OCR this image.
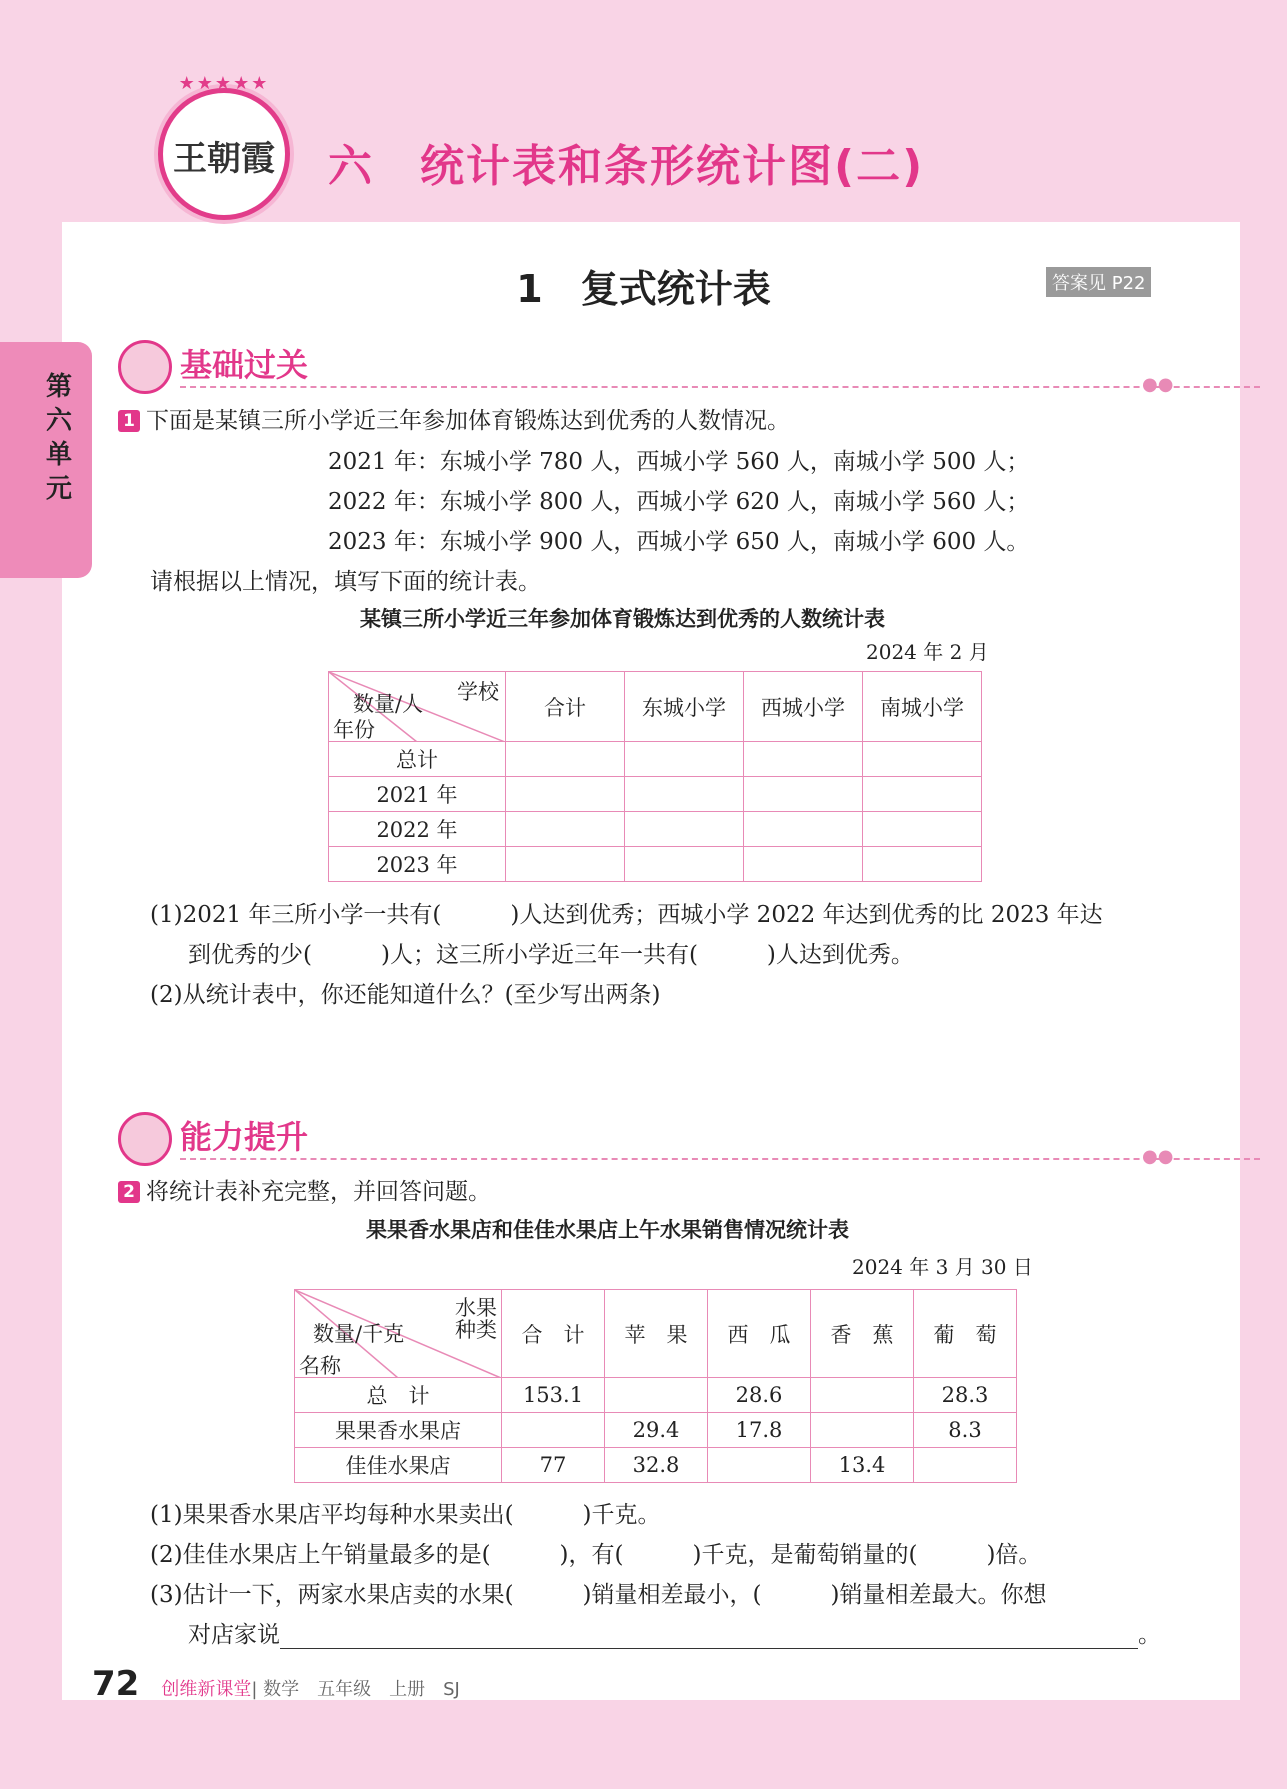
★★★★★
王朝霞 六　统计表和条形统计图(二)
1　复式统计表	答案见 P22
第六单元
基础过关
●●
1 下面是某镇三所小学近三年参加体育锻炼达到优秀的人数情况。
2021 年：东城小学 780 人，西城小学 560 人，南城小学 500 人；
2022 年：东城小学 800 人，西城小学 620 人，南城小学 560 人；
2023 年：东城小学 900 人，西城小学 650 人，南城小学 600 人。
请根据以上情况，填写下面的统计表。
某镇三所小学近三年参加体育锻炼达到优秀的人数统计表
2024 年 2 月
学校
数量/人
年份	合计	东城小学	西城小学	南城小学
总计				
2021 年				
2022 年				
2023 年				
(1)2021 年三所小学一共有(　　　)人达到优秀；西城小学 2022 年达到优秀的比 2023 年达
到优秀的少(　　　)人；这三所小学近三年一共有(　　　)人达到优秀。
(2)从统计表中，你还能知道什么？(至少写出两条)
能力提升
●●
2 将统计表补充完整，并回答问题。
果果香水果店和佳佳水果店上午水果销售情况统计表
2024 年 3 月 30 日
水果
种类
数量/千克
名称	合　计	苹　果	西　瓜	香　蕉	葡　萄
总　计	153.1		28.6		28.3
果果香水果店		29.4	17.8		8.3
佳佳水果店	77	32.8		13.4	
(1)果果香水果店平均每种水果卖出(　　　)千克。
(2)佳佳水果店上午销量最多的是(　　　)，有(　　　)千克，是葡萄销量的(　　　)倍。
(3)估计一下，两家水果店卖的水果(　　　)销量相差最小，(　　　)销量相差最大。你想
对店家说	。
72 创维新课堂| 数学　五年级　上册　SJ
